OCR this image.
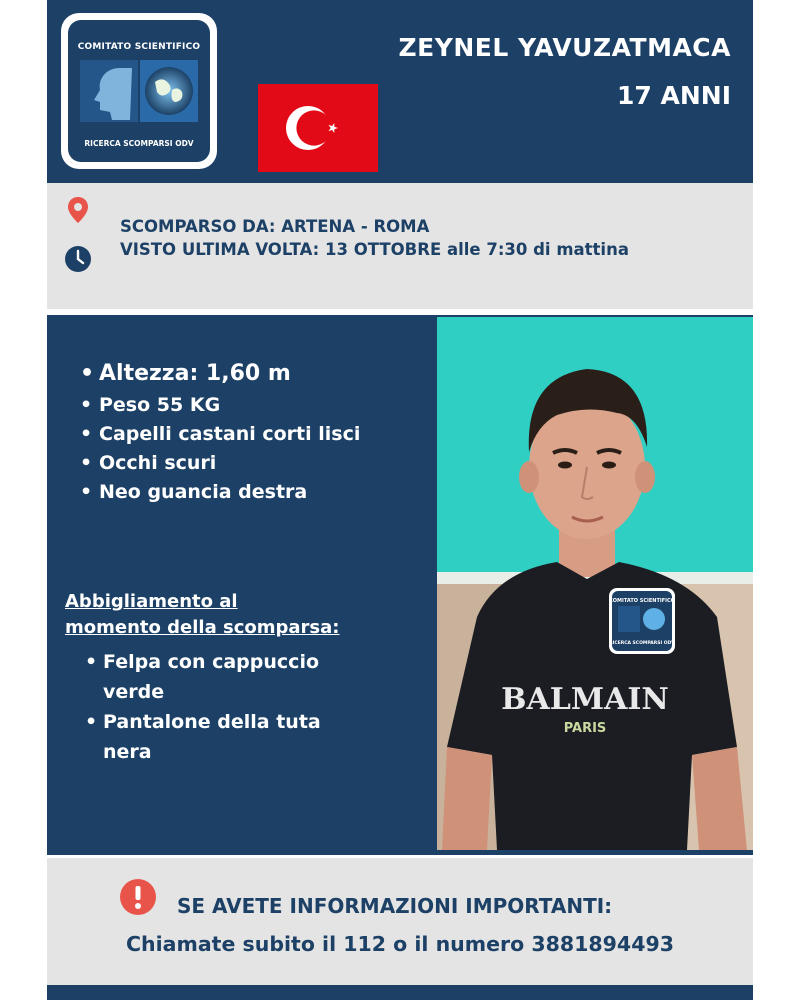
COMITATO SCIENTIFICO
RICERCA SCOMPARSI ODV
ZEYNEL YAVUZATMACA
17 ANNI
SCOMPARSO DA: ARTENA - ROMA
VISTO ULTIMA VOLTA: 13 OTTOBRE alle 7:30 di mattina
• Altezza: 1,60 m
• Peso 55 KG
• Capelli castani corti lisci
• Occhi scuri
• Neo guancia destra
Abbigliamento al
momento della scomparsa:
• Felpa con cappuccio
verde
• Pantalone della tuta
nera
BALMAIN
PARIS
COMITATO SCIENTIFICO
RICERCA SCOMPARSI ODV
SE AVETE INFORMAZIONI IMPORTANTI:
Chiamate subito il 112 o il numero 3881894493
